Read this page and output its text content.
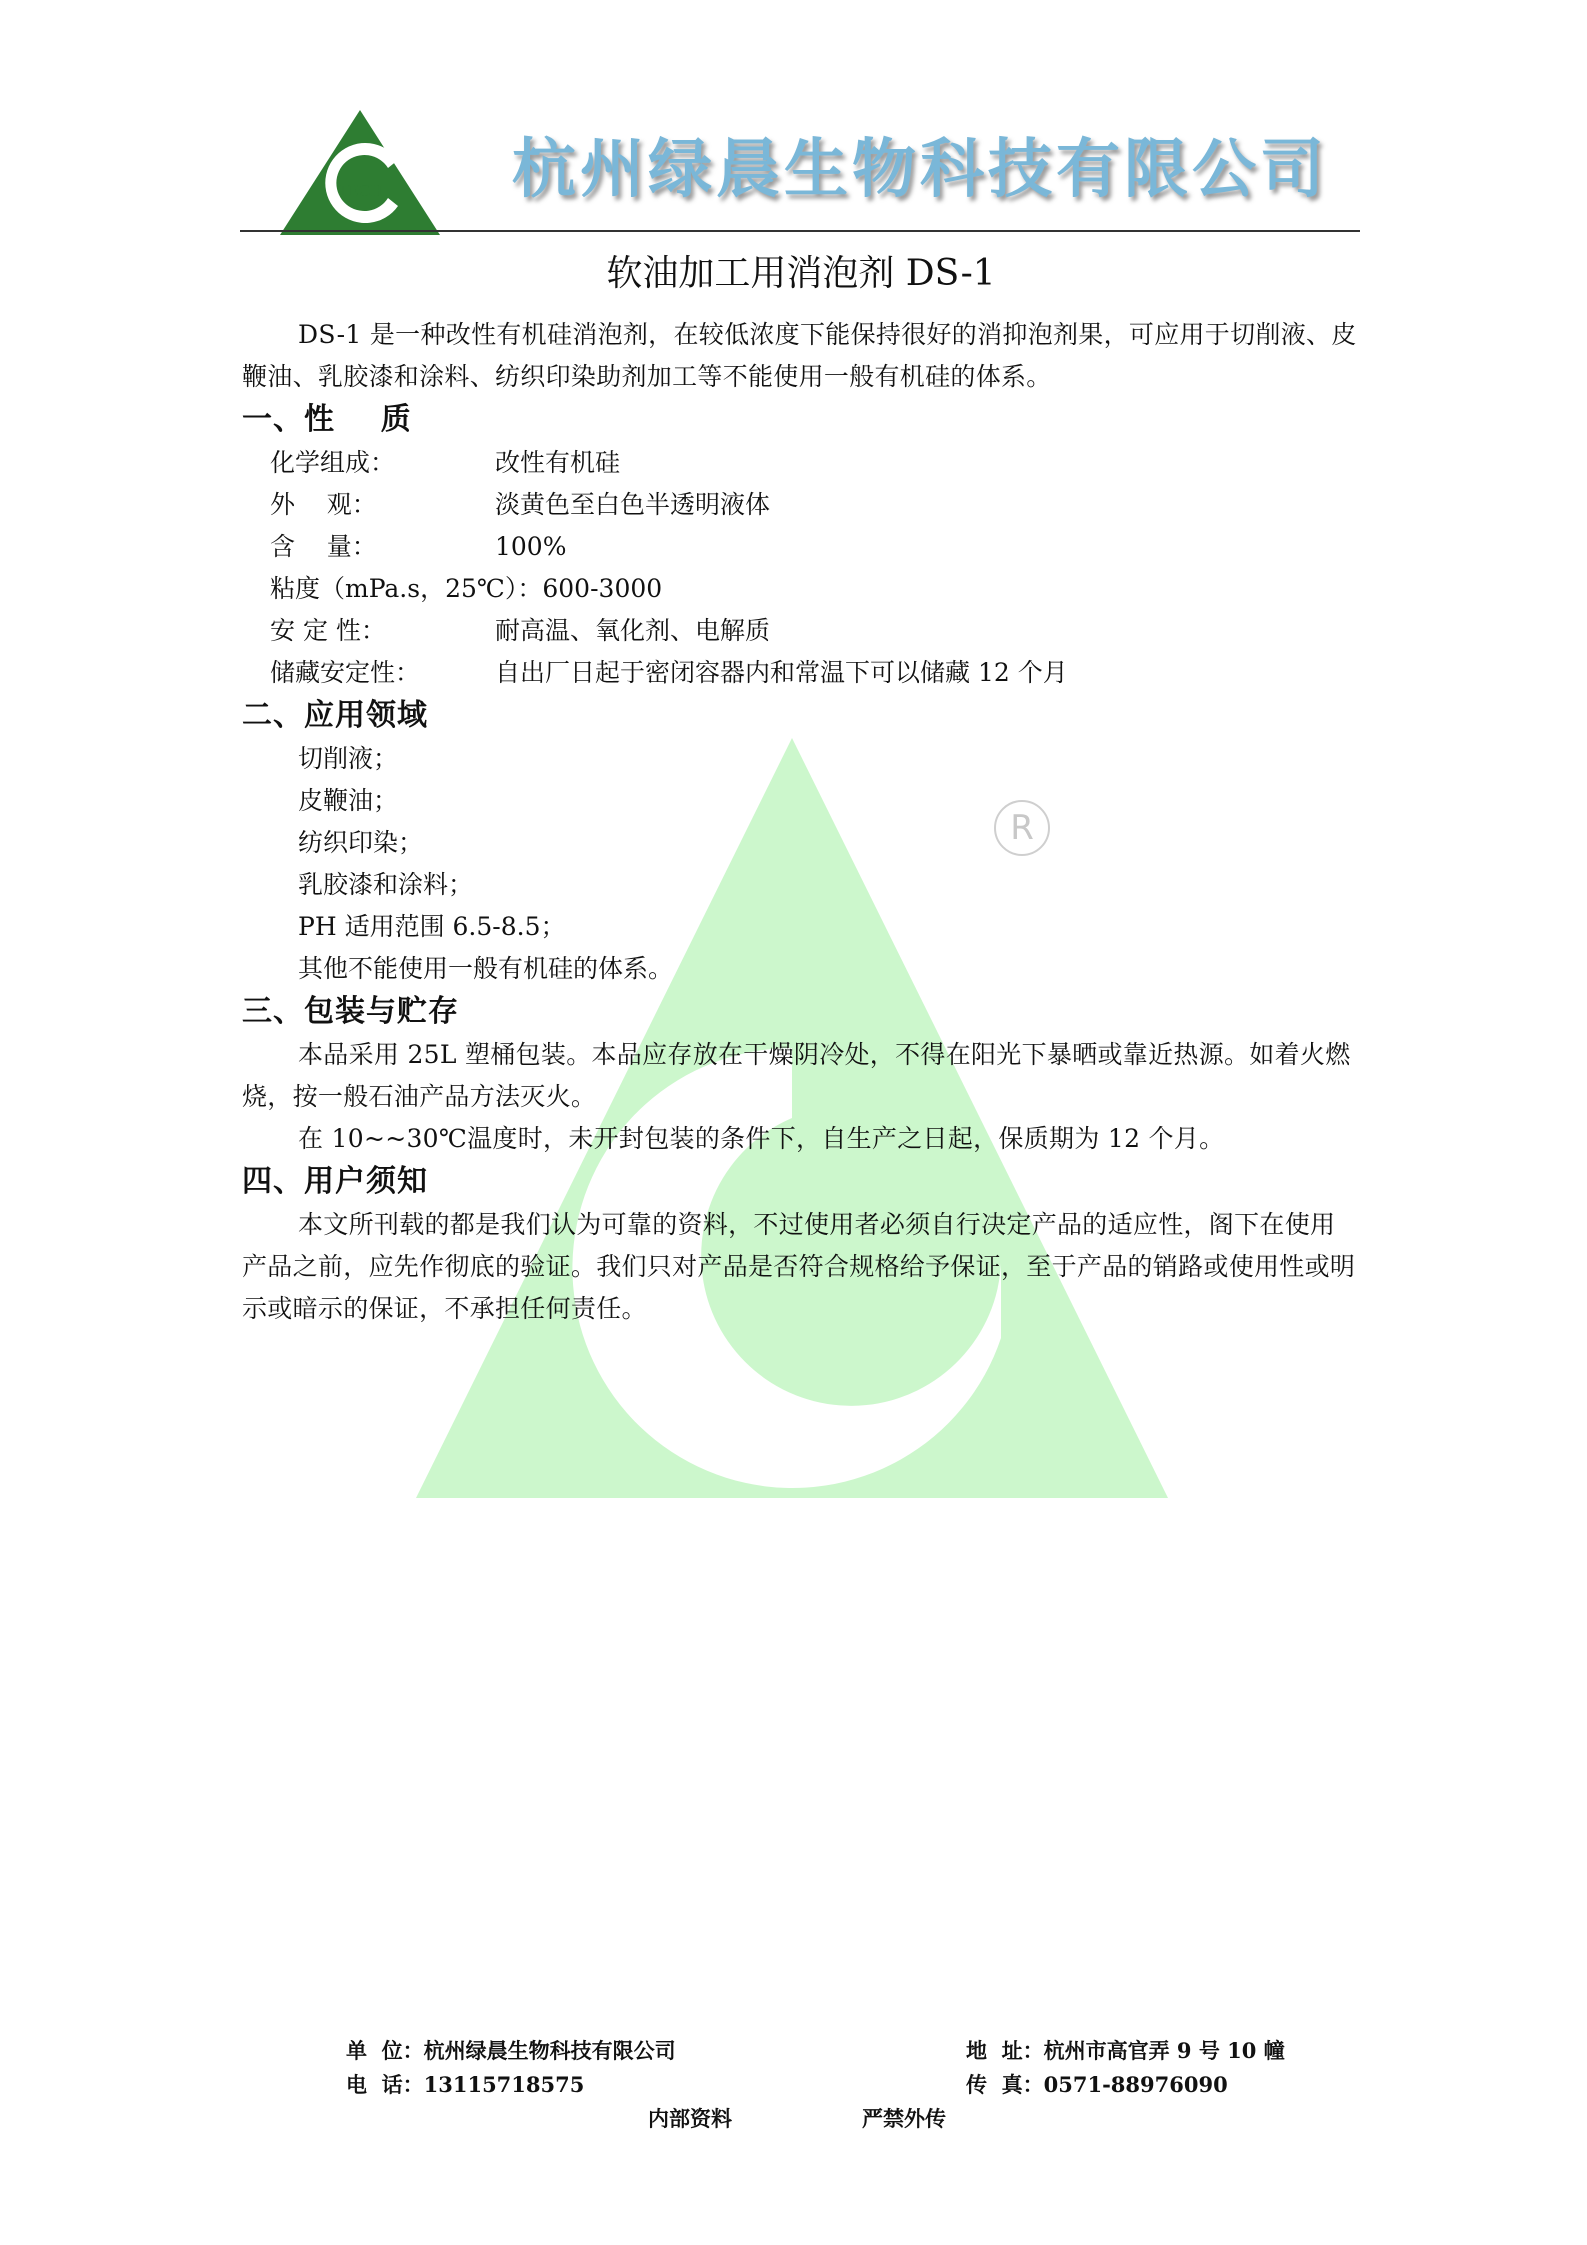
R
TECH 杭州绿晨生物科技有限公司
软油加工用消泡剂 DS-1

DS-1 是一种改性有机硅消泡剂，在较低浓度下能保持很好的消抑泡剂果，可应用于切削液、皮鞭油、乳胶漆和涂料、纺织印染助剂加工等不能使用一般有机硅的体系。

一、性    质
化学组成：	改性有机硅
外    观：	淡黄色至白色半透明液体
含    量：	100%
粘度（mPa.s，25℃）： 600-3000
安 定 性：	耐高温、氧化剂、电解质
储藏安定性：	自出厂日起于密闭容器内和常温下可以储藏 12 个月
二、应用领域
切削液；
皮鞭油；
纺织印染；
乳胶漆和涂料；
PH 适用范围 6.5-8.5；
其他不能使用一般有机硅的体系。
三、包装与贮存

本品采用 25L 塑桶包装。本品应存放在干燥阴冷处，不得在阳光下暴晒或靠近热源。如着火燃烧，按一般石油产品方法灭火。

在 10~~30℃温度时，未开封包装的条件下，自生产之日起，保质期为 12 个月。

四、用户须知

本文所刊载的都是我们认为可靠的资料，不过使用者必须自行决定产品的适应性，阁下在使用产品之前，应先作彻底的验证。我们只对产品是否符合规格给予保证，至于产品的销路或使用性或明示或暗示的保证，不承担任何责任。

单  位：杭州绿晨生物科技有限公司	地  址：杭州市高官弄 9 号 10 幢
电  话：13115718575	传  真：0571-88976090
内部资料	严禁外传
